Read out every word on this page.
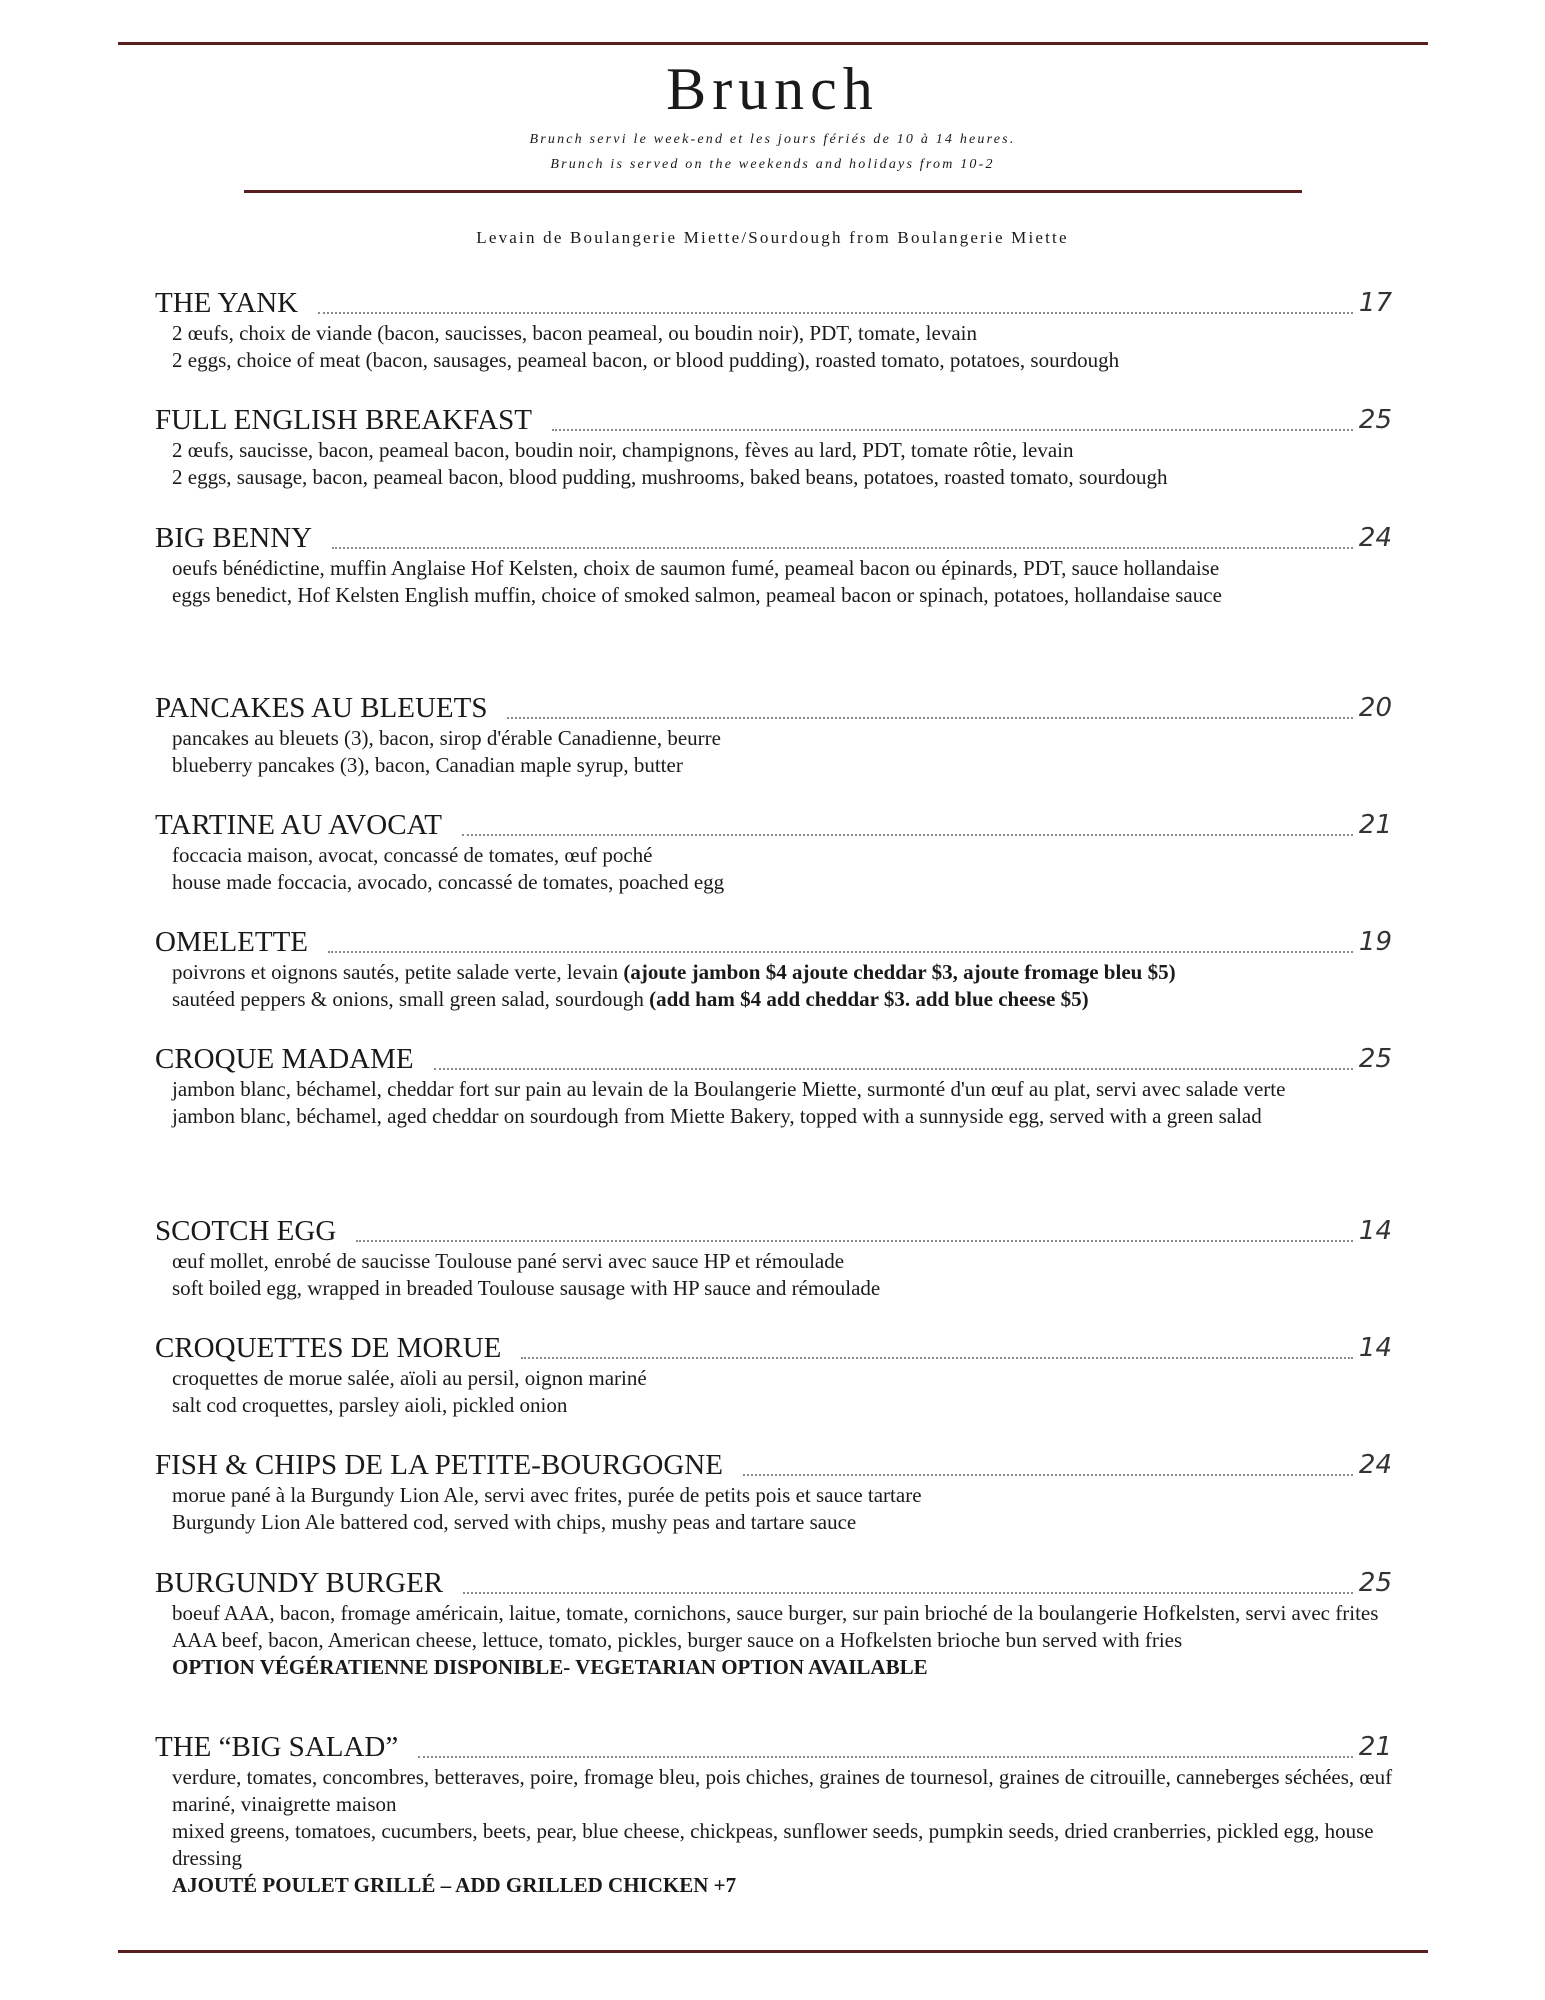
Brunch
Brunch servi le week-end et les jours fériés de 10 à 14 heures.
Brunch is served on the weekends and holidays from 10-2
Levain de Boulangerie Miette/Sourdough from Boulangerie Miette
THE YANK	17
2 œufs, choix de viande (bacon, saucisses, bacon peameal, ou boudin noir), PDT, tomate, levain
2 eggs, choice of meat (bacon, sausages, peameal bacon, or blood pudding), roasted tomato, potatoes, sourdough
FULL ENGLISH BREAKFAST	25
2 œufs, saucisse, bacon, peameal bacon, boudin noir, champignons, fèves au lard, PDT, tomate rôtie, levain
2 eggs, sausage, bacon, peameal bacon, blood pudding, mushrooms, baked beans, potatoes, roasted tomato, sourdough
BIG BENNY	24
oeufs bénédictine, muffin Anglaise Hof Kelsten, choix de saumon fumé, peameal bacon ou épinards, PDT, sauce hollandaise
eggs benedict, Hof Kelsten English muffin, choice of smoked salmon, peameal bacon or spinach, potatoes, hollandaise sauce
PANCAKES AU BLEUETS	20
pancakes au bleuets (3), bacon, sirop d'érable Canadienne, beurre
blueberry pancakes (3), bacon, Canadian maple syrup, butter
TARTINE AU AVOCAT	21
foccacia maison, avocat, concassé de tomates, œuf poché
house made foccacia, avocado, concassé de tomates, poached egg
OMELETTE	19
poivrons et oignons sautés, petite salade verte, levain (ajoute jambon $4 ajoute cheddar $3, ajoute fromage bleu $5)
sautéed peppers & onions, small green salad, sourdough (add ham $4 add cheddar $3. add blue cheese $5)
CROQUE MADAME	25
jambon blanc, béchamel, cheddar fort sur pain au levain de la Boulangerie Miette, surmonté d'un œuf au plat, servi avec salade verte
jambon blanc, béchamel, aged cheddar on sourdough from Miette Bakery, topped with a sunnyside egg, served with a green salad
SCOTCH EGG	14
œuf mollet, enrobé de saucisse Toulouse pané servi avec sauce HP et rémoulade
soft boiled egg, wrapped in breaded Toulouse sausage with HP sauce and rémoulade
CROQUETTES DE MORUE	14
croquettes de morue salée, aïoli au persil, oignon mariné
salt cod croquettes, parsley aioli, pickled onion
FISH & CHIPS DE LA PETITE-BOURGOGNE	24
morue pané à la Burgundy Lion Ale, servi avec frites, purée de petits pois et sauce tartare
Burgundy Lion Ale battered cod, served with chips, mushy peas and tartare sauce
BURGUNDY BURGER	25
boeuf AAA, bacon, fromage américain, laitue, tomate, cornichons, sauce burger, sur pain brioché de la boulangerie Hofkelsten, servi avec frites
AAA beef, bacon, American cheese, lettuce, tomato, pickles, burger sauce on a Hofkelsten brioche bun served with fries
OPTION VÉGÉRATIENNE DISPONIBLE- VEGETARIAN OPTION AVAILABLE
THE “BIG SALAD”	21
verdure, tomates, concombres, betteraves, poire, fromage bleu, pois chiches, graines de tournesol, graines de citrouille, canneberges séchées, œuf mariné, vinaigrette maison
mixed greens, tomatoes, cucumbers, beets, pear, blue cheese, chickpeas, sunflower seeds, pumpkin seeds, dried cranberries, pickled egg, house dressing
AJOUTÉ POULET GRILLÉ – ADD GRILLED CHICKEN +7
